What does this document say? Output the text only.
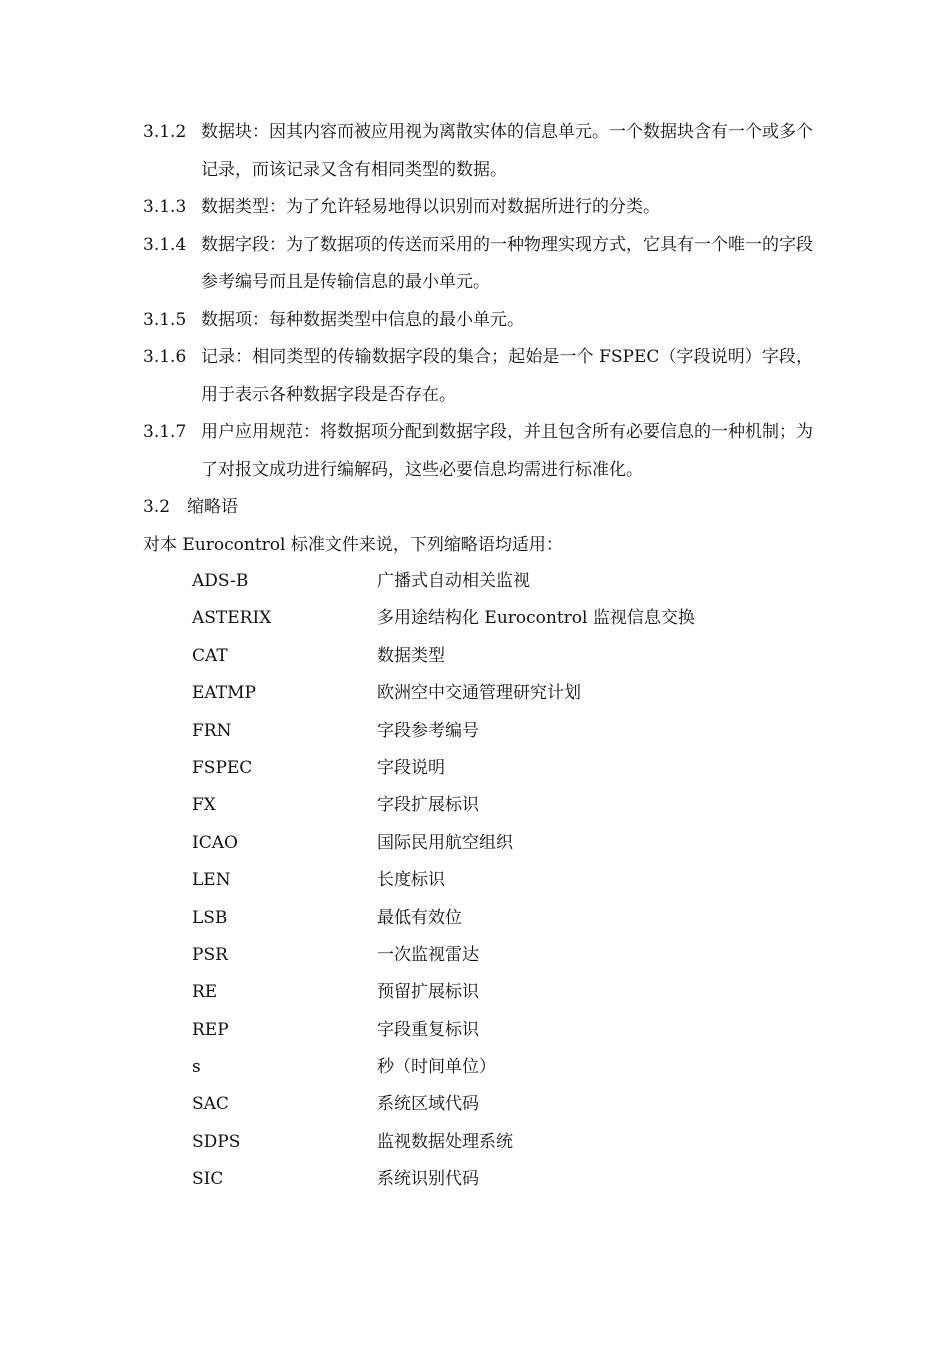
3.1.2 数据块：因其内容而被应用视为离散实体的信息单元。一个数据块含有一个或多个记录，而该记录又含有相同类型的数据。
3.1.3 数据类型：为了允许轻易地得以识别而对数据所进行的分类。
3.1.4 数据字段：为了数据项的传送而采用的一种物理实现方式，它具有一个唯一的字段参考编号而且是传输信息的最小单元。
3.1.5 数据项：每种数据类型中信息的最小单元。
3.1.6 记录：相同类型的传输数据字段的集合；起始是一个 FSPEC（字段说明）字段，用于表示各种数据字段是否存在。
3.1.7 用户应用规范：将数据项分配到数据字段，并且包含所有必要信息的一种机制；为了对报文成功进行编解码，这些必要信息均需进行标准化。
3.2 缩略语
对本 Eurocontrol 标准文件来说，下列缩略语均适用：
ADS-B	广播式自动相关监视
ASTERIX	多用途结构化 Eurocontrol 监视信息交换
CAT	数据类型
EATMP	欧洲空中交通管理研究计划
FRN	字段参考编号
FSPEC	字段说明
FX	字段扩展标识
ICAO	国际民用航空组织
LEN	长度标识
LSB	最低有效位
PSR	一次监视雷达
RE	预留扩展标识
REP	字段重复标识
s	秒（时间单位）
SAC	系统区域代码
SDPS	监视数据处理系统
SIC	系统识别代码
